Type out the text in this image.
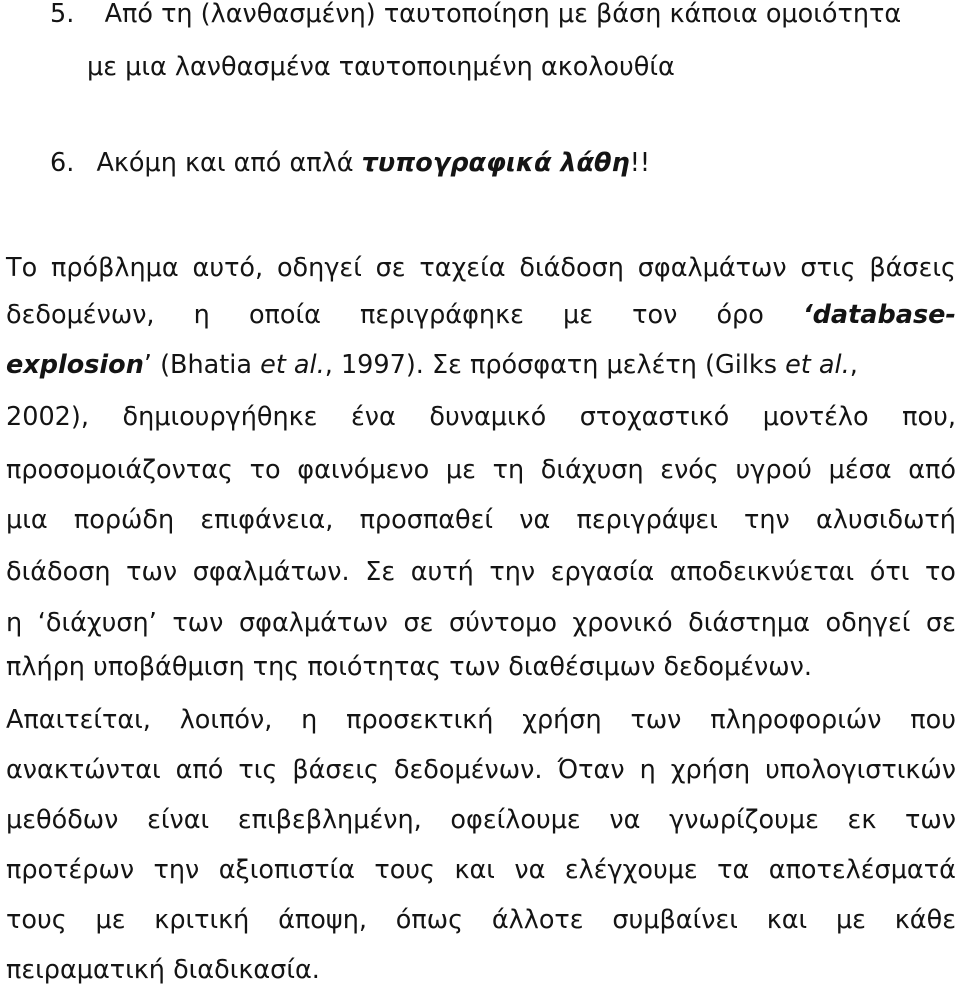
5. Από τη (λανθασμένη) ταυτοποίηση με βάση κάποια ομοιότητα
με μια λανθασμένα ταυτοποιημένη ακολουθία
6. Ακόμη και από απλά τυπογραφικά λάθη!!
Το πρόβλημα αυτό, οδηγεί σε ταχεία διάδοση σφαλμάτων στις βάσεις
δεδομένων, η οποία περιγράφηκε με τον όρο ‘database-
explosion’ (Bhatia et al., 1997). Σε πρόσφατη μελέτη (Gilks et al.,
2002), δημιουργήθηκε ένα δυναμικό στοχαστικό μοντέλο που,
προσομοιάζοντας το φαινόμενο με τη διάχυση ενός υγρού μέσα από
μια πορώδη επιφάνεια, προσπαθεί να περιγράψει την αλυσιδωτή
διάδοση των σφαλμάτων. Σε αυτή την εργασία αποδεικνύεται ότι το
η ‘διάχυση’ των σφαλμάτων σε σύντομο χρονικό διάστημα οδηγεί σε
πλήρη υποβάθμιση της ποιότητας των διαθέσιμων δεδομένων.
Απαιτείται, λοιπόν, η προσεκτική χρήση των πληροφοριών που
ανακτώνται από τις βάσεις δεδομένων. Όταν η χρήση υπολογιστικών
μεθόδων είναι επιβεβλημένη, οφείλουμε να γνωρίζουμε εκ των
προτέρων την αξιοπιστία τους και να ελέγχουμε τα αποτελέσματά
τους με κριτική άποψη, όπως άλλοτε συμβαίνει και με κάθε
πειραματική διαδικασία.
